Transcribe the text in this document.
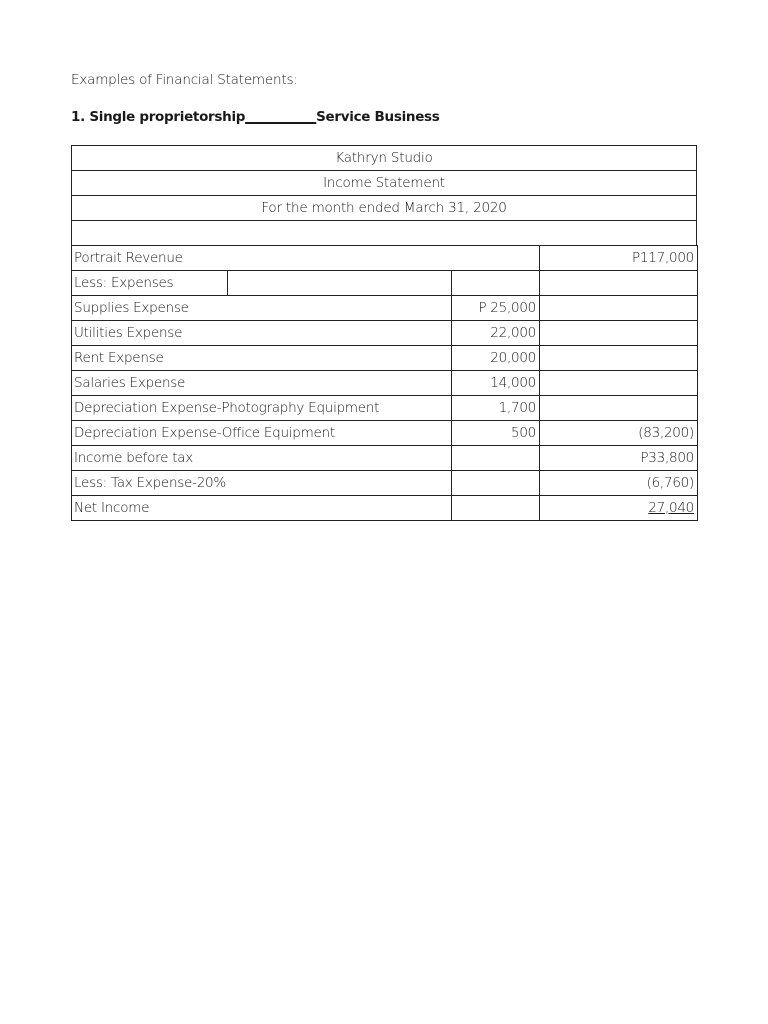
Examples of Financial Statements:
1. Single proprietorship___________Service Business
Kathryn Studio
Income Statement
For the month ended March 31, 2020

Portrait Revenue			P117,000
Less: Expenses			
Supplies Expense		P 25,000	
Utilities Expense		22,000	
Rent Expense		20,000	
Salaries Expense		14,000	
Depreciation Expense-Photography Equipment		1,700	
Depreciation Expense-Office Equipment		500	(83,200)
Income before tax			P33,800
Less: Tax Expense-20%			(6,760)
Net Income			27,040
